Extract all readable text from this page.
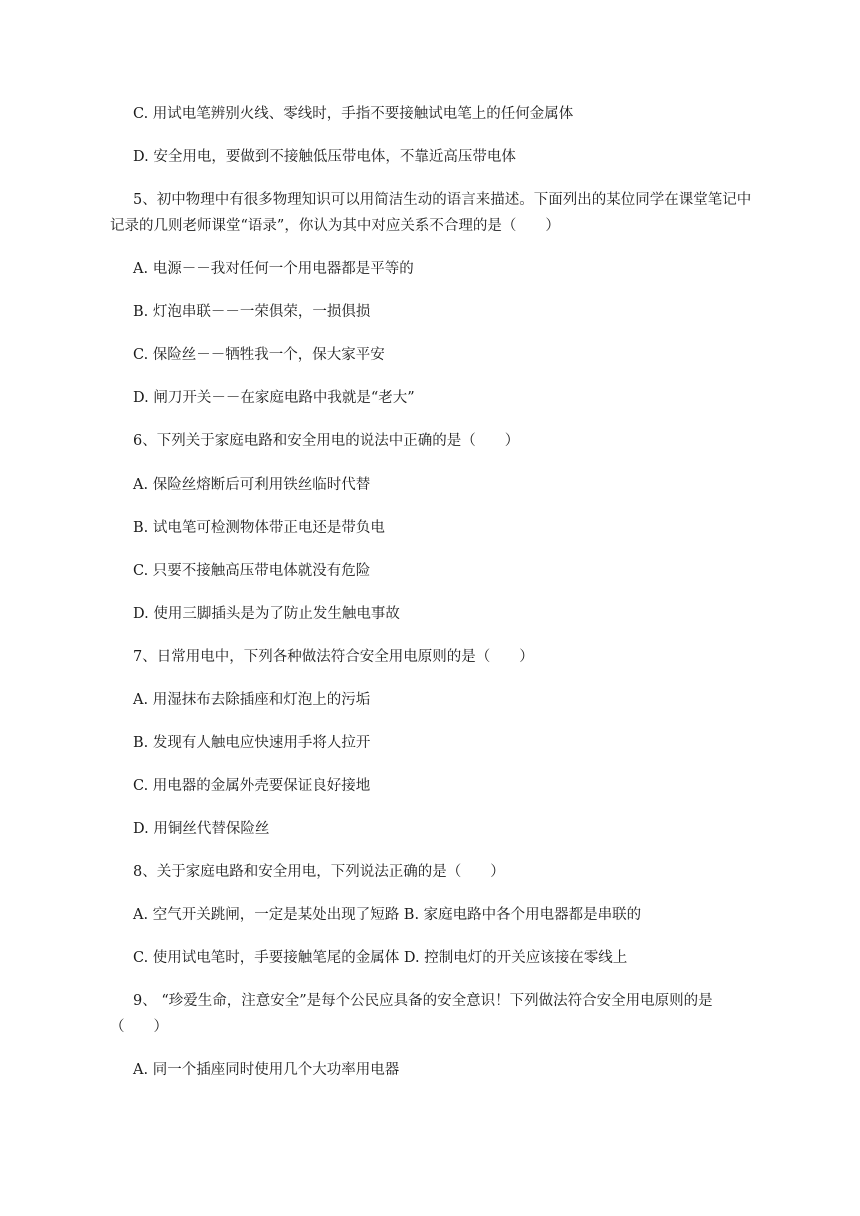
C. 用试电笔辨别火线、零线时，手指不要接触试电笔上的任何金属体

D. 安全用电，要做到不接触低压带电体，不靠近高压带电体

5、初中物理中有很多物理知识可以用简洁生动的语言来描述。下面列出的某位同学在课堂笔记中

记录的几则老师课堂“语录”，你认为其中对应关系不合理的是（　　）

A. 电源－－我对任何一个用电器都是平等的

B. 灯泡串联－－一荣俱荣，一损俱损

C. 保险丝－－牺牲我一个，保大家平安

D. 闸刀开关－－在家庭电路中我就是“老大”

6、下列关于家庭电路和安全用电的说法中正确的是（　　）

A. 保险丝熔断后可利用铁丝临时代替

B. 试电笔可检测物体带正电还是带负电

C. 只要不接触高压带电体就没有危险

D. 使用三脚插头是为了防止发生触电事故

7、日常用电中，下列各种做法符合安全用电原则的是（　　）

A. 用湿抹布去除插座和灯泡上的污垢

B. 发现有人触电应快速用手将人拉开

C. 用电器的金属外壳要保证良好接地

D. 用铜丝代替保险丝

8、关于家庭电路和安全用电，下列说法正确的是（　　）

A. 空气开关跳闸，一定是某处出现了短路 B. 家庭电路中各个用电器都是串联的

C. 使用试电笔时，手要接触笔尾的金属体 D. 控制电灯的开关应该接在零线上

9、 “珍爱生命，注意安全”是每个公民应具备的安全意识！下列做法符合安全用电原则的是

（　　）

A. 同一个插座同时使用几个大功率用电器
